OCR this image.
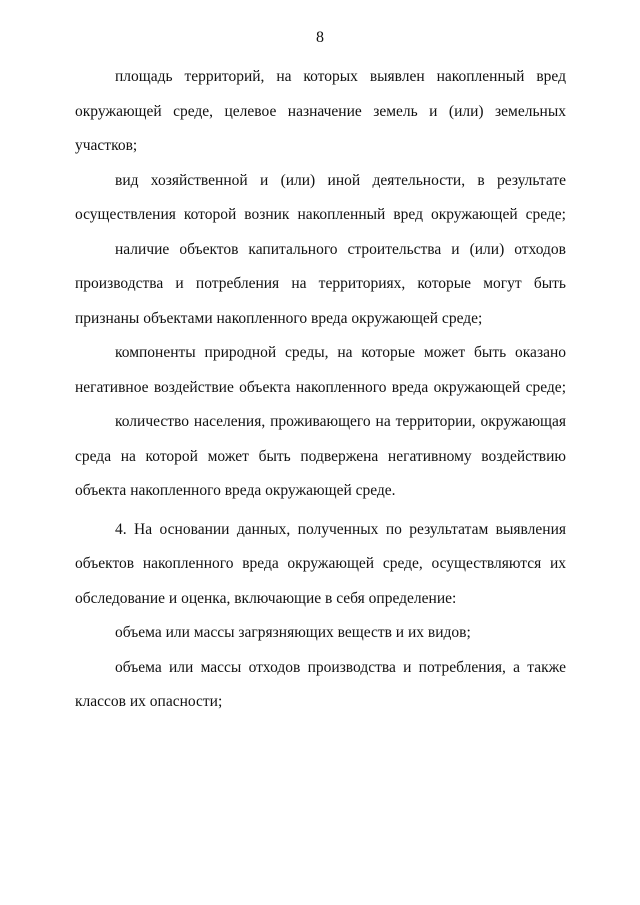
8

площадь территорий, на которых выявлен накопленный вред
окружающей среде, целевое назначение земель и (или) земельных
участков;

вид хозяйственной и (или) иной деятельности, в результате
осуществления которой возник накопленный вред окружающей среде;

наличие объектов капитального строительства и (или) отходов
производства и потребления на территориях, которые могут быть
признаны объектами накопленного вреда окружающей среде;

компоненты природной среды, на которые может быть оказано
негативное воздействие объекта накопленного вреда окружающей среде;

количество населения, проживающего на территории, окружающая
среда на которой может быть подвержена негативному воздействию
объекта накопленного вреда окружающей среде.

4. На основании данных, полученных по результатам выявления
объектов накопленного вреда окружающей среде, осуществляются их
обследование и оценка, включающие в себя определение:

объема или массы загрязняющих веществ и их видов;

объема или массы отходов производства и потребления, а также
классов их опасности;
